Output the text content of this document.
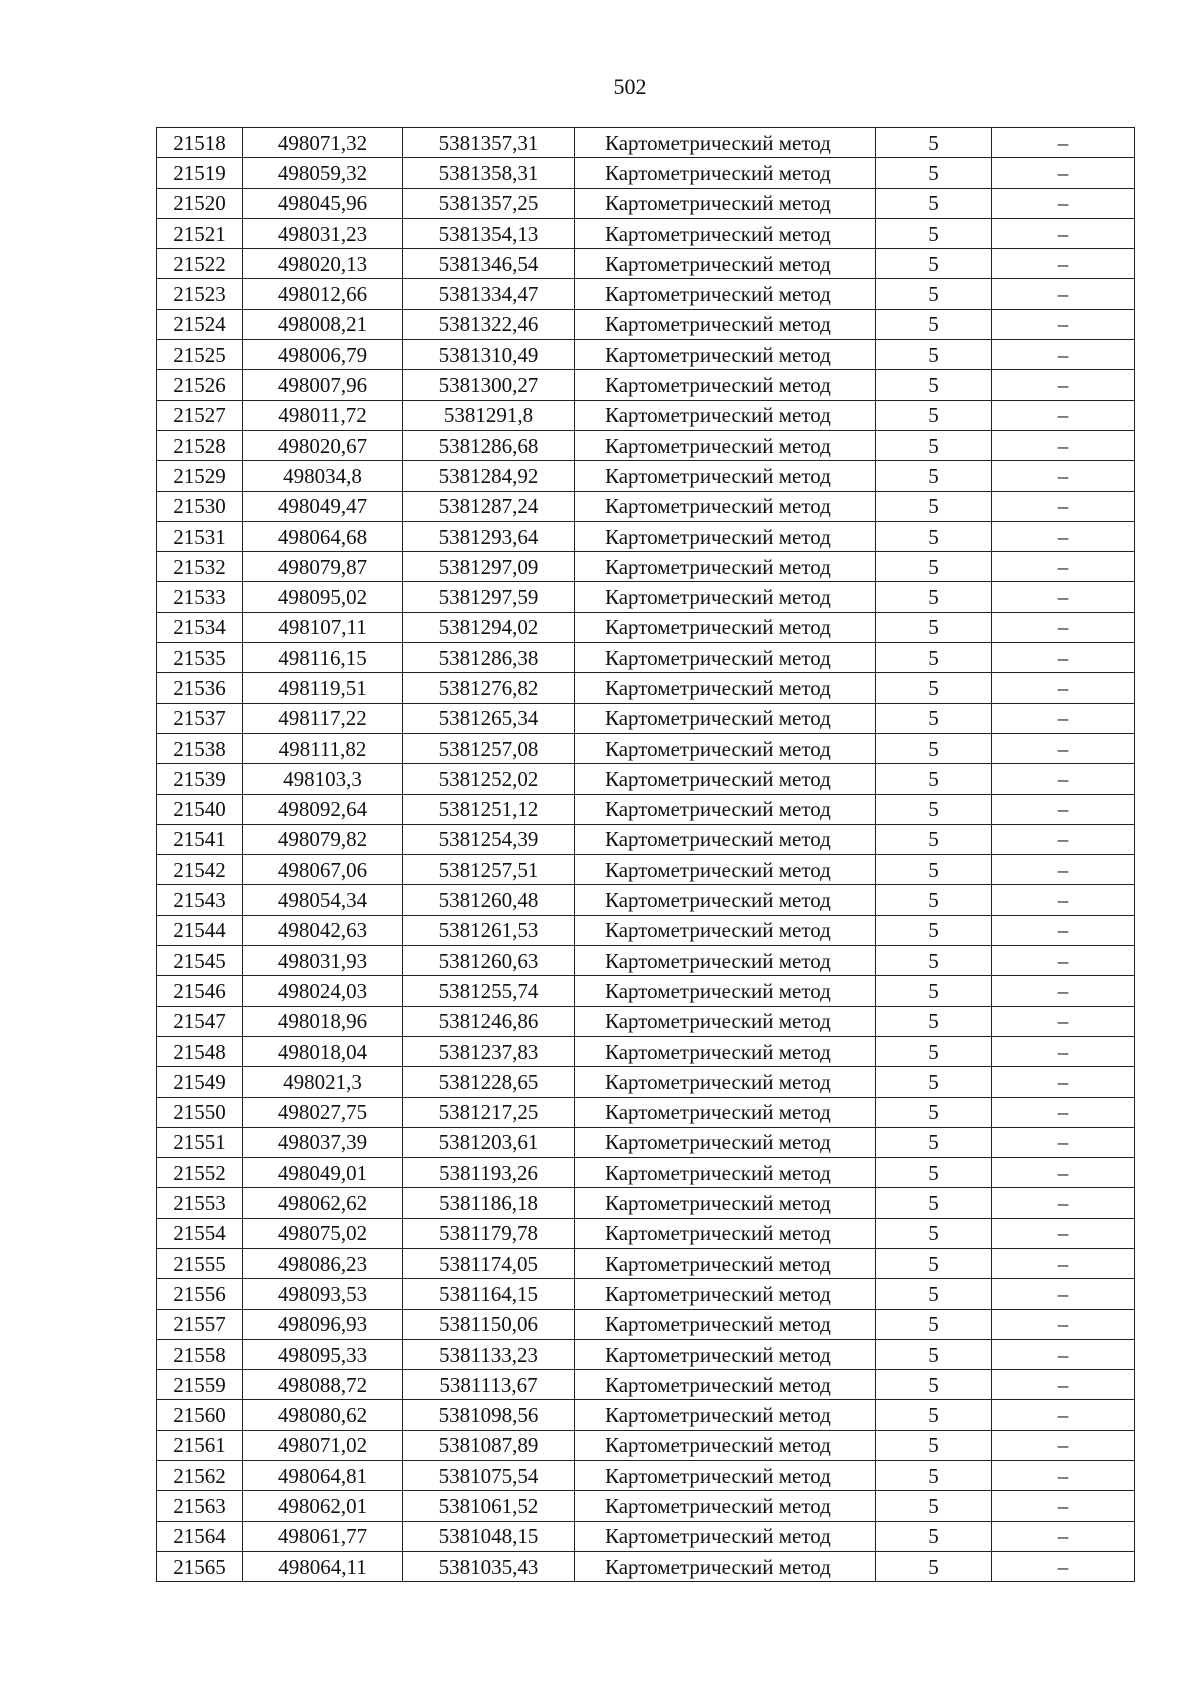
502
21518	498071,32	5381357,31	Картометрический метод	5	–
21519	498059,32	5381358,31	Картометрический метод	5	–
21520	498045,96	5381357,25	Картометрический метод	5	–
21521	498031,23	5381354,13	Картометрический метод	5	–
21522	498020,13	5381346,54	Картометрический метод	5	–
21523	498012,66	5381334,47	Картометрический метод	5	–
21524	498008,21	5381322,46	Картометрический метод	5	–
21525	498006,79	5381310,49	Картометрический метод	5	–
21526	498007,96	5381300,27	Картометрический метод	5	–
21527	498011,72	5381291,8	Картометрический метод	5	–
21528	498020,67	5381286,68	Картометрический метод	5	–
21529	498034,8	5381284,92	Картометрический метод	5	–
21530	498049,47	5381287,24	Картометрический метод	5	–
21531	498064,68	5381293,64	Картометрический метод	5	–
21532	498079,87	5381297,09	Картометрический метод	5	–
21533	498095,02	5381297,59	Картометрический метод	5	–
21534	498107,11	5381294,02	Картометрический метод	5	–
21535	498116,15	5381286,38	Картометрический метод	5	–
21536	498119,51	5381276,82	Картометрический метод	5	–
21537	498117,22	5381265,34	Картометрический метод	5	–
21538	498111,82	5381257,08	Картометрический метод	5	–
21539	498103,3	5381252,02	Картометрический метод	5	–
21540	498092,64	5381251,12	Картометрический метод	5	–
21541	498079,82	5381254,39	Картометрический метод	5	–
21542	498067,06	5381257,51	Картометрический метод	5	–
21543	498054,34	5381260,48	Картометрический метод	5	–
21544	498042,63	5381261,53	Картометрический метод	5	–
21545	498031,93	5381260,63	Картометрический метод	5	–
21546	498024,03	5381255,74	Картометрический метод	5	–
21547	498018,96	5381246,86	Картометрический метод	5	–
21548	498018,04	5381237,83	Картометрический метод	5	–
21549	498021,3	5381228,65	Картометрический метод	5	–
21550	498027,75	5381217,25	Картометрический метод	5	–
21551	498037,39	5381203,61	Картометрический метод	5	–
21552	498049,01	5381193,26	Картометрический метод	5	–
21553	498062,62	5381186,18	Картометрический метод	5	–
21554	498075,02	5381179,78	Картометрический метод	5	–
21555	498086,23	5381174,05	Картометрический метод	5	–
21556	498093,53	5381164,15	Картометрический метод	5	–
21557	498096,93	5381150,06	Картометрический метод	5	–
21558	498095,33	5381133,23	Картометрический метод	5	–
21559	498088,72	5381113,67	Картометрический метод	5	–
21560	498080,62	5381098,56	Картометрический метод	5	–
21561	498071,02	5381087,89	Картометрический метод	5	–
21562	498064,81	5381075,54	Картометрический метод	5	–
21563	498062,01	5381061,52	Картометрический метод	5	–
21564	498061,77	5381048,15	Картометрический метод	5	–
21565	498064,11	5381035,43	Картометрический метод	5	–
